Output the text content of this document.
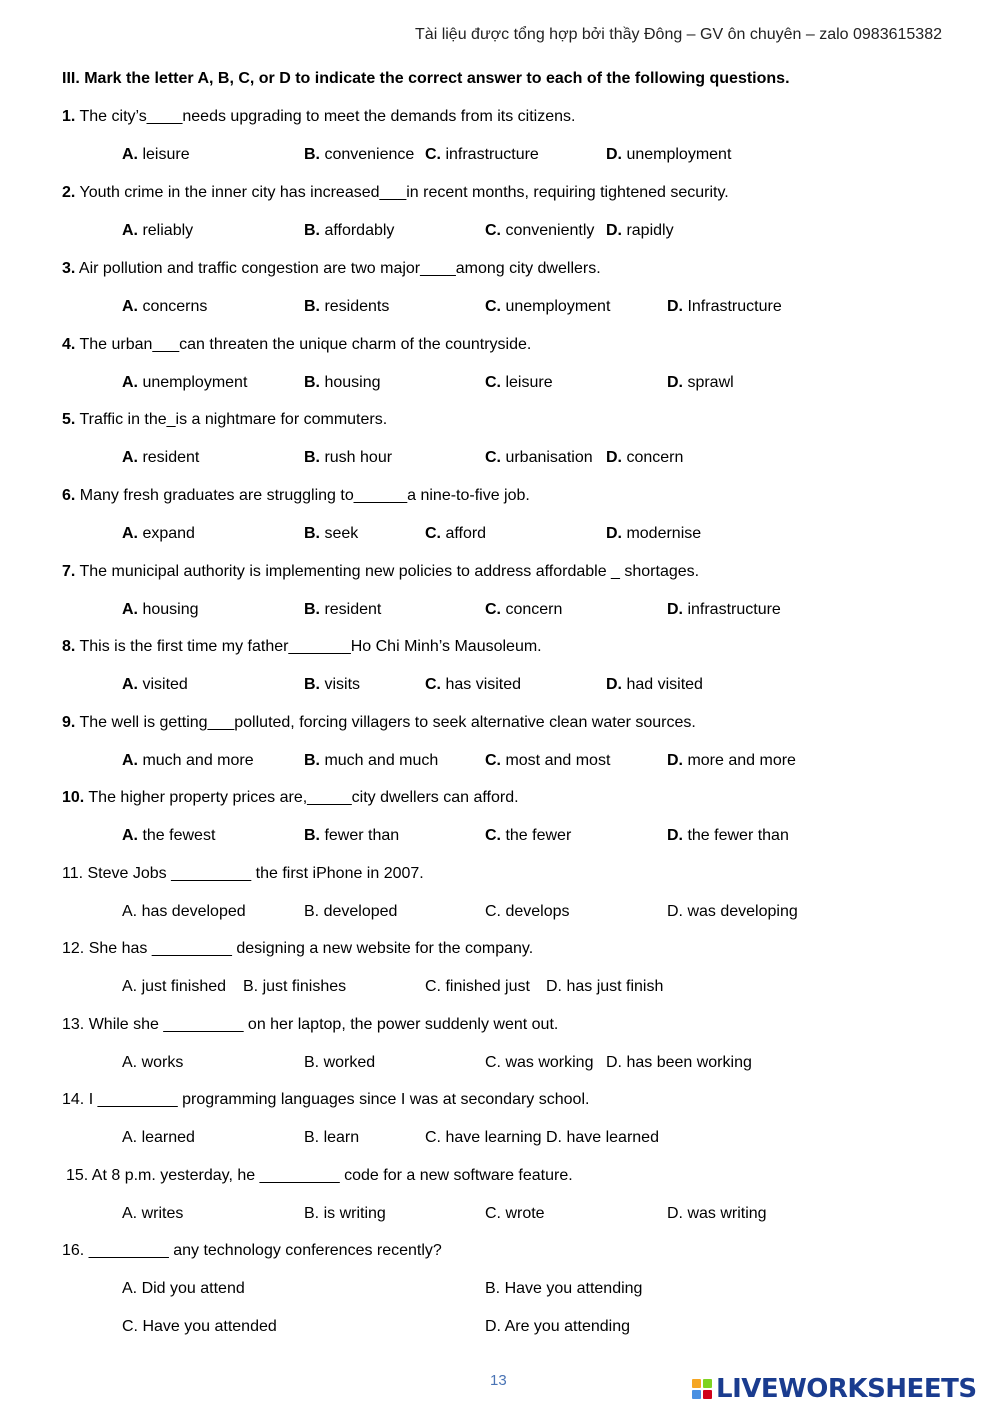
Tài liệu được tổng hợp bởi thầy Đông – GV ôn chuyên – zalo 0983615382
III. Mark the letter A, B, C, or D to indicate the correct answer to each of the following questions.
1. The city’s____needs upgrading to meet the demands from its citizens.
A. leisure	B. convenience C. infrastructure	D. unemployment
2. Youth crime in the inner city has increased___in recent months, requiring tightened security.
A. reliably	B. affordably	C. conveniently D. rapidly
3. Air pollution and traffic congestion are two major____among city dwellers.
A. concerns	B. residents	C. unemployment	D. Infrastructure
4. The urban___can threaten the unique charm of the countryside.
A. unemployment	B. housing	C. leisure	D. sprawl
5. Traffic in the_is a nightmare for commuters.
A. resident	B. rush hour	C. urbanisation D. concern
6. Many fresh graduates are struggling to______a nine-to-five job.
A. expand	B. seek	C. afford	D. modernise
7. The municipal authority is implementing new policies to address affordable _ shortages.
A. housing	B. resident	C. concern	D. infrastructure
8. This is the first time my father_______Ho Chi Minh’s Mausoleum.
A. visited	B. visits	C. has visited	D. had visited
9. The well is getting___polluted, forcing villagers to seek alternative clean water sources.
A. much and more	B. much and much	C. most and most	D. more and more
10. The higher property prices are,_____city dwellers can afford.
A. the fewest	B. fewer than	C. the fewer	D. the fewer than
11. Steve Jobs _________ the first iPhone in 2007.
A. has developed	B. developed	C. develops	D. was developing
12. She has _________ designing a new website for the company.
A. just finished B. just finishes	C. finished just D. has just finish
13. While she _________ on her laptop, the power suddenly went out.
A. works	B. worked	C. was working D. has been working
14. I _________ programming languages since I was at secondary school.
A. learned	B. learn	C. have learning D. have learned
15. At 8 p.m. yesterday, he _________ code for a new software feature.
A. writes	B. is writing	C. wrote	D. was writing
16. _________ any technology conferences recently?
A. Did you attend	B. Have you attending
C. Have you attended	D. Are you attending
13	LIVEWORKSHEETS
